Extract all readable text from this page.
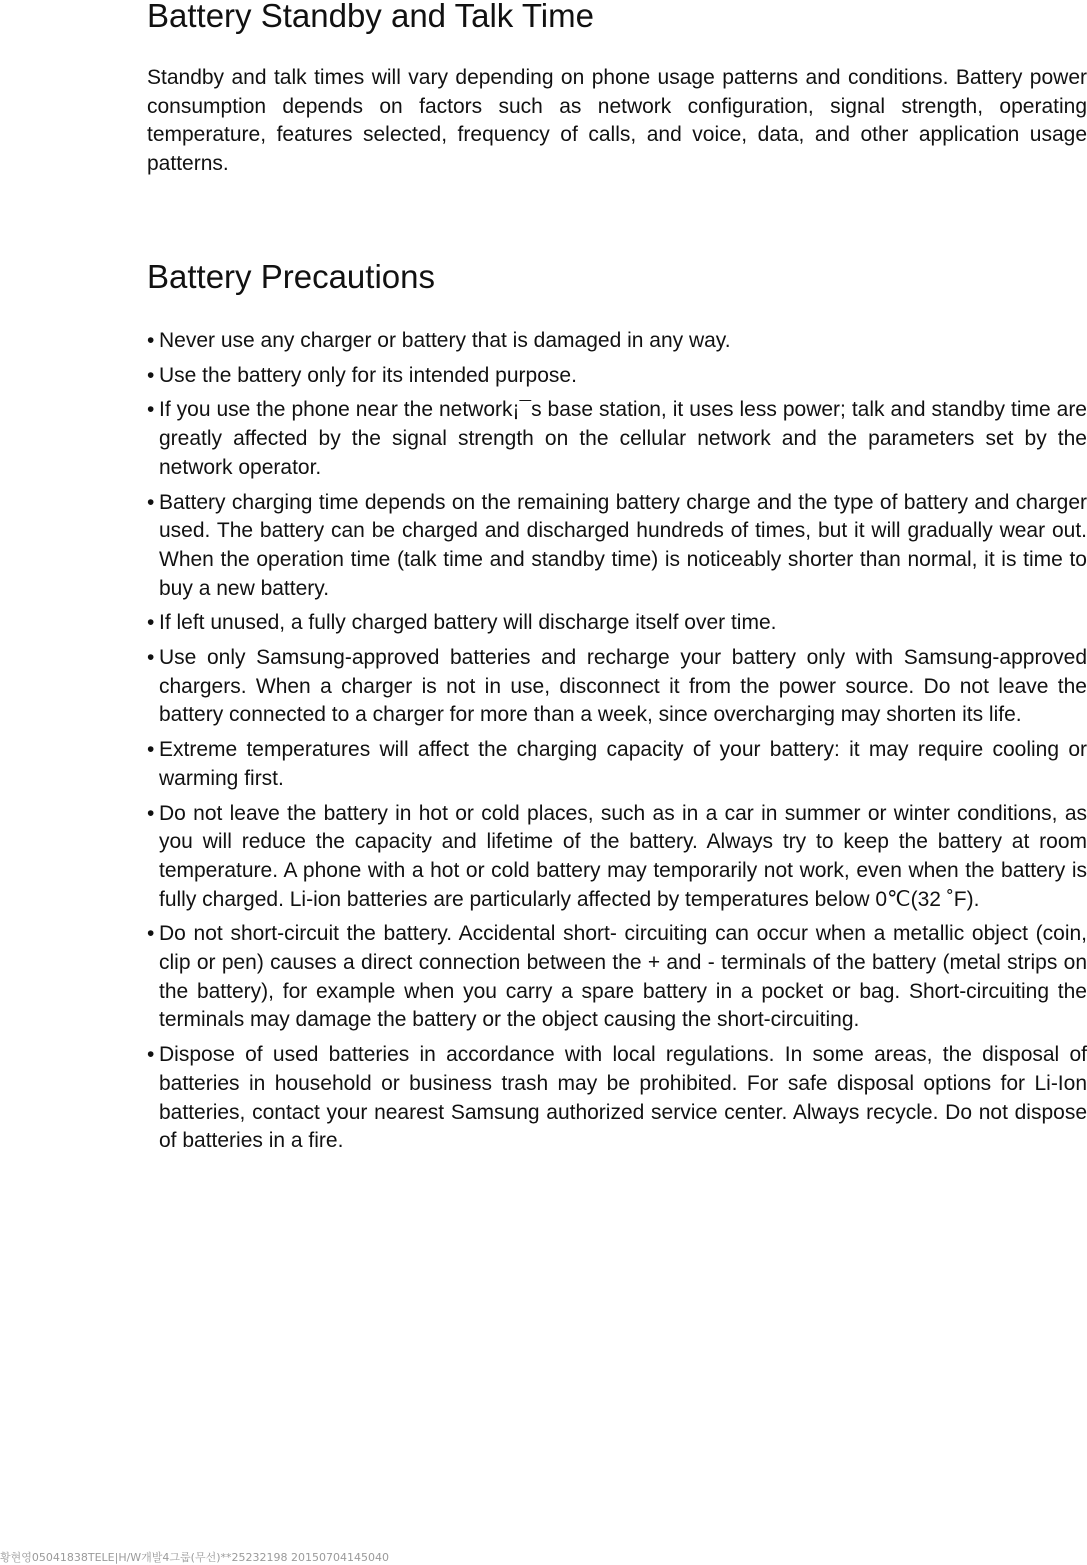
Battery Standby and Talk Time

Standby and talk times will vary depending on phone usage patterns and conditions. Battery power consumption depends on factors such as network configuration, signal strength, operating temperature, features selected, frequency of calls, and voice, data, and other application usage patterns.

Battery Precautions
• Never use any charger or battery that is damaged in any way.
• Use the battery only for its intended purpose.
• If you use the phone near the network¡¯s base station, it uses less power; talk and standby time are greatly affected by the signal strength on the cellular network and the parameters set by the network operator.
• Battery charging time depends on the remaining battery charge and the type of battery and charger used. The battery can be charged and discharged hundreds of times, but it will gradually wear out. When the operation time (talk time and standby time) is noticeably shorter than normal, it is time to buy a new battery.
• If left unused, a fully charged battery will discharge itself over time.
• Use only Samsung-approved batteries and recharge your battery only with Samsung-approved chargers. When a charger is not in use, disconnect it from the power source. Do not leave the battery connected to a charger for more than a week, since overcharging may shorten its life.
• Extreme temperatures will affect the charging capacity of your battery: it may require cooling or warming first.
• Do not leave the battery in hot or cold places, such as in a car in summer or winter conditions, as you will reduce the capacity and lifetime of the battery. Always try to keep the battery at room temperature. A phone with a hot or cold battery may temporarily not work, even when the battery is fully charged. Li-ion batteries are particularly affected by temperatures below 0℃(32 ˚F).
• Do not short-circuit the battery. Accidental short- circuiting can occur when a metallic object (coin, clip or pen) causes a direct connection between the + and - terminals of the battery (metal strips on the battery), for example when you carry a spare battery in a pocket or bag. Short-circuiting the terminals may damage the battery or the object causing the short-circuiting.
• Dispose of used batteries in accordance with local regulations. In some areas, the disposal of batteries in household or business trash may be prohibited. For safe disposal options for Li-Ion batteries, contact your nearest Samsung authorized service center. Always recycle. Do not dispose of batteries in a fire.
황현영05041838TELE|H/W개발4그룹(무선)**25232198 20150704145040
